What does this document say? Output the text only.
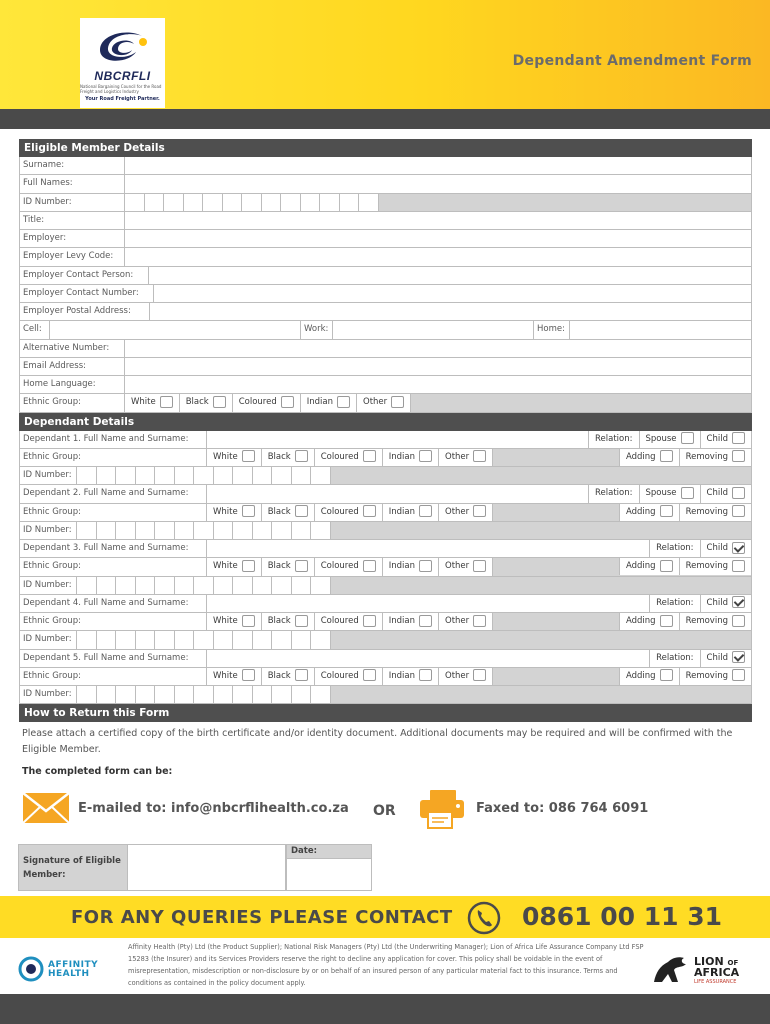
NBCRFLI
National Bargaining Council for the Road Freight and Logistics Industry
Your Road Freight Partner.
Dependant Amendment Form
Eligible Member Details
Surname:
Full Names:
ID Number:
Title:
Employer:
Employer Levy Code:
Employer Contact Person:
Employer Contact Number:
Employer Postal Address:
Cell:	Work:	Home:
Alternative Number:
Email Address:
Home Language:
Ethnic Group:	White	Black	Coloured	Indian	Other
Dependant Details
Dependant 1. Full Name and Surname:	Relation: Spouse	Child
Ethnic Group:	White	Black	Coloured	Indian	Other	Adding	Removing
ID Number:
Dependant 2. Full Name and Surname:	Relation: Spouse	Child
Ethnic Group:	White	Black	Coloured	Indian	Other	Adding	Removing
ID Number:
Dependant 3. Full Name and Surname:	Relation: Child
Ethnic Group:	White	Black	Coloured	Indian	Other	Adding	Removing
ID Number:
Dependant 4. Full Name and Surname:	Relation: Child
Ethnic Group:	White	Black	Coloured	Indian	Other	Adding	Removing
ID Number:
Dependant 5. Full Name and Surname:	Relation: Child
Ethnic Group:	White	Black	Coloured	Indian	Other	Adding	Removing
ID Number:
How to Return this Form
Please attach a certified copy of the birth certificate and/or identity document. Additional documents may be required and will be confirmed with the Eligible Member.
The completed form can be:
E-mailed to: info@nbcrflihealth.co.za OR	Faxed to: 086 764 6091
Signature of Eligible Member:
Date:
FOR ANY QUERIES PLEASE CONTACT	0861 00 11 31
AFFINITY HEALTH
Affinity Health (Pty) Ltd (the Product Supplier); National Risk Managers (Pty) Ltd (the Underwriting Manager); Lion of Africa Life Assurance Company Ltd FSP 15283 (the Insurer) and its Services Providers reserve the right to decline any application for cover. This policy shall be voidable in the event of misrepresentation, misdescription or non-disclosure by or on behalf of an insured person of any particular material fact to this insurance. Terms and conditions as contained in the policy document apply.
LION OF
AFRICA
LIFE ASSURANCE
